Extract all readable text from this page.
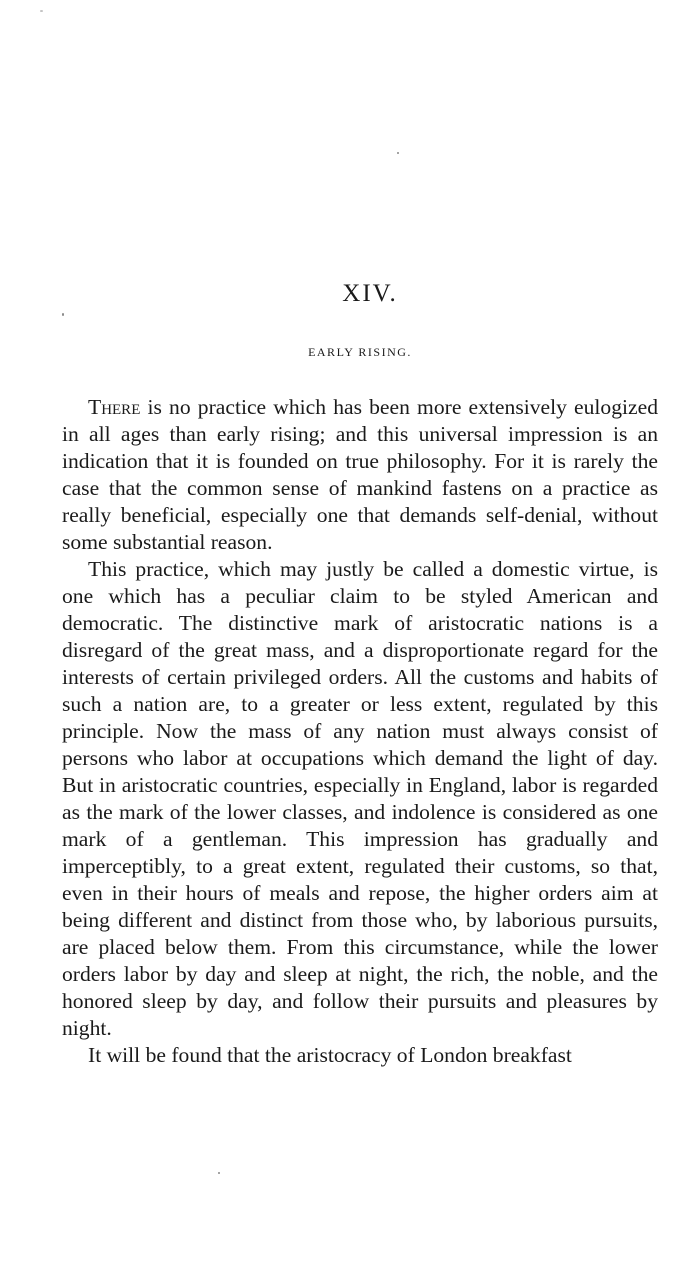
XIV.
EARLY RISING.

There is no practice which has been more extensively eulogized in all ages than early rising; and this universal impression is an indication that it is founded on true philosophy. For it is rarely the case that the common sense of mankind fastens on a practice as really beneficial, especially one that demands self-denial, without some substantial reason.

This practice, which may justly be called a domestic virtue, is one which has a peculiar claim to be styled American and democratic. The distinctive mark of aristocratic nations is a disregard of the great mass, and a disproportionate regard for the interests of certain privileged orders. All the customs and habits of such a nation are, to a greater or less extent, regulated by this principle. Now the mass of any nation must always consist of persons who labor at occupations which demand the light of day. But in aristocratic countries, especially in England, labor is regarded as the mark of the lower classes, and indolence is considered as one mark of a gentleman. This impression has gradually and imperceptibly, to a great extent, regulated their customs, so that, even in their hours of meals and repose, the higher orders aim at being different and distinct from those who, by laborious pursuits, are placed below them. From this circumstance, while the lower orders labor by day and sleep at night, the rich, the noble, and the honored sleep by day, and follow their pursuits and pleasures by night.

It will be found that the aristocracy of London breakfast
